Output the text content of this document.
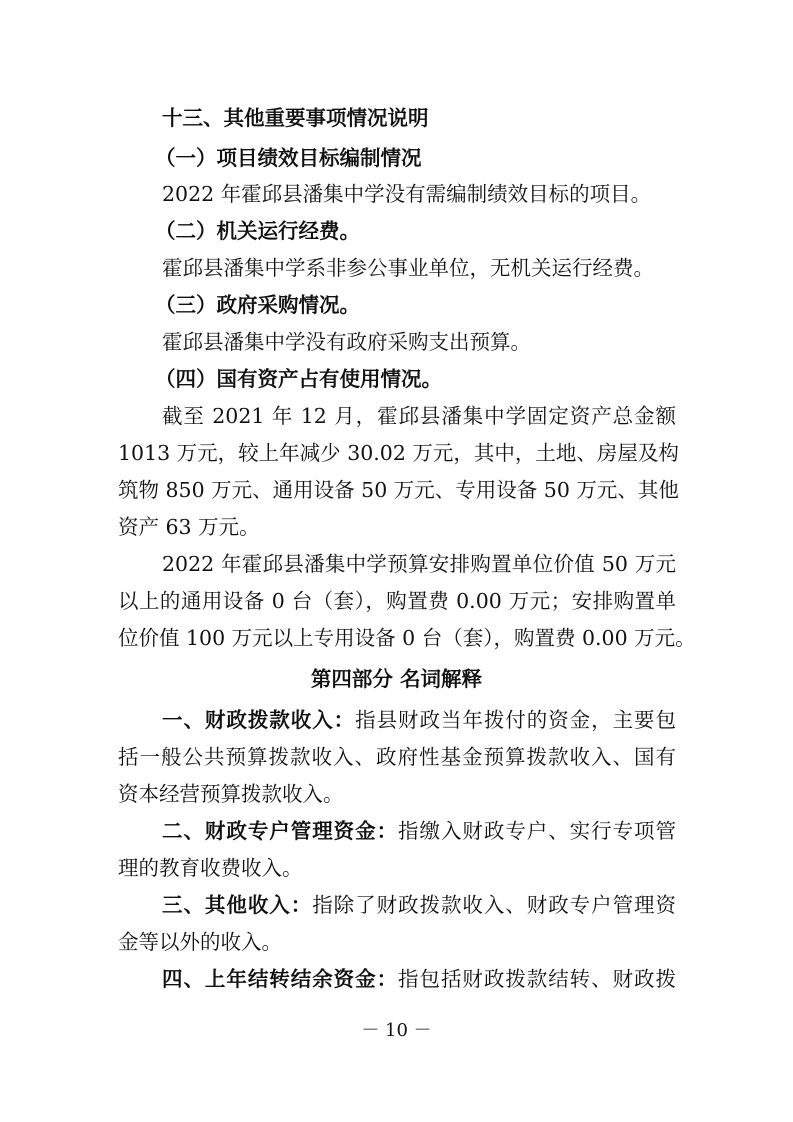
十三、其他重要事项情况说明
（一）项目绩效目标编制情况
2022 年霍邱县潘集中学没有需编制绩效目标的项目。
（二）机关运行经费。
霍邱县潘集中学系非参公事业单位，无机关运行经费。
（三）政府采购情况。
霍邱县潘集中学没有政府采购支出预算。
（四）国有资产占有使用情况。
截至 2021 年 12 月，霍邱县潘集中学固定资产总金额
1013 万元，较上年减少 30.02 万元，其中，土地、房屋及构
筑物 850 万元、通用设备 50 万元、专用设备 50 万元、其他
资产 63 万元。
2022 年霍邱县潘集中学预算安排购置单位价值 50 万元
以上的通用设备 0 台（套），购置费 0.00 万元；安排购置单
位价值 100 万元以上专用设备 0 台（套），购置费 0.00 万元。
第四部分 名词解释
一、财政拨款收入：指县财政当年拨付的资金，主要包
括一般公共预算拨款收入、政府性基金预算拨款收入、国有
资本经营预算拨款收入。
二、财政专户管理资金：指缴入财政专户、实行专项管
理的教育收费收入。
三、其他收入：指除了财政拨款收入、财政专户管理资
金等以外的收入。
四、上年结转结余资金：指包括财政拨款结转、财政拨
－ 10 －
